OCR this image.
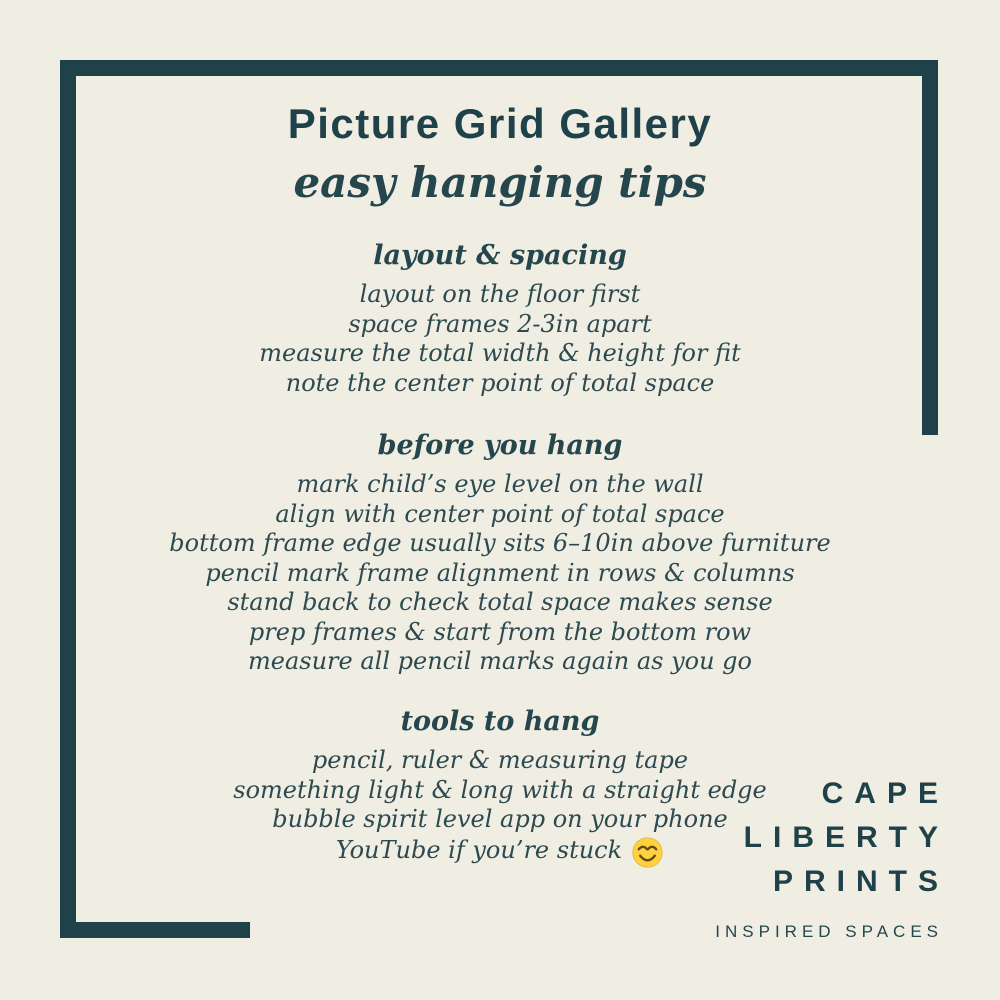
Picture Grid Gallery
easy hanging tips
layout & spacing
layout on the floor first
space frames 2-3in apart
measure the total width & height for fit
note the center point of total space
before you hang
mark child’s eye level on the wall
align with center point of total space
bottom frame edge usually sits 6–10in above furniture
pencil mark frame alignment in rows & columns
stand back to check total space makes sense
prep frames & start from the bottom row
measure all pencil marks again as you go
tools to hang
pencil, ruler & measuring tape
something light & long with a straight edge
bubble spirit level app on your phone
YouTube if you’re stuck
CAPE
LIBERTY
PRINTS
INSPIRED SPACES
